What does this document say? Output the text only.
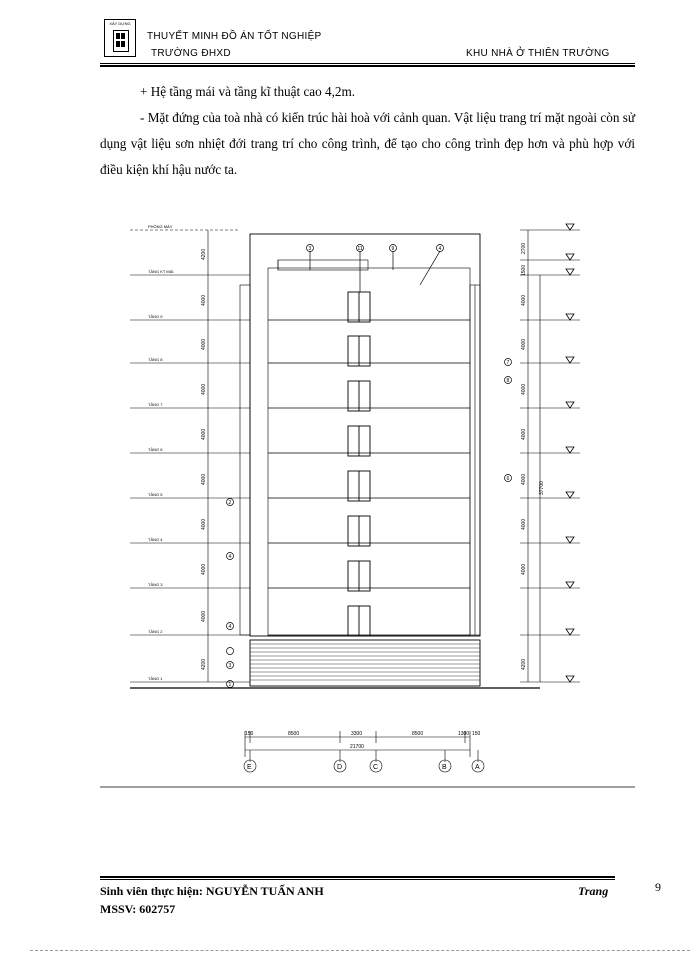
XÂY DỰNG
THUYẾT MINH ĐỒ ÁN TỐT NGHIỆP
TRƯỜNG ĐHXD	KHU NHÀ Ở THIÊN TRƯỜNG

+ Hệ tầng mái và tầng kĩ thuật cao 4,2m.

- Mặt đứng của toà nhà có kiến trúc hài hoà với cảnh quan. Vật liệu trang trí mặt ngoài còn sử dụng vật liệu sơn nhiệt đới trang trí cho công trình, để tạo cho công trình đẹp hơn và phù hợp với điều kiện khí hậu nước ta.

PHÒNG MÁY
TẦNG KT MÁI
TẦNG 9
TẦNG 8
TẦNG 7
TẦNG 6
TẦNG 5
TẦNG 4
TẦNG 3
TẦNG 2
TẦNG 1
4200
4000
4000
4000
4000
4000
4000
4000
4000
4200
2700
1500
4000
4000
4000
4000
4000
4000
4000
4200
37700
150	8500	3300	8500	1300 150
21700
E	D	C	B	A
3	11	9	4
7
8
6
2
4
4
3
1
Sinh viên thực hiện: NGUYỄN TUẤN ANH
MSSV: 602757
Trang	9
